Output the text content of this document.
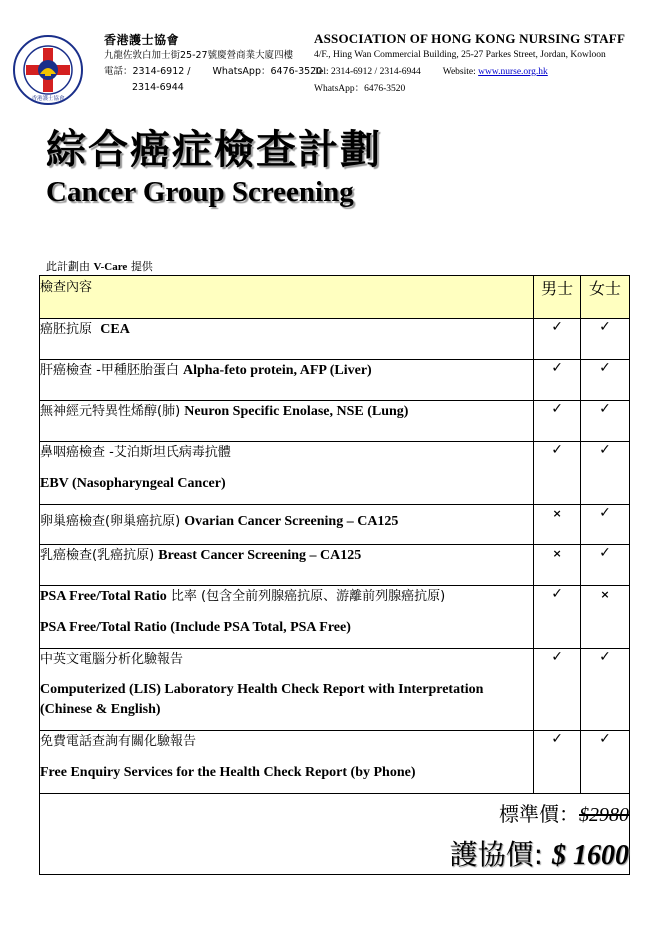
香港護士協會
香港護士協會
九龍佐敦白加士街25-27號慶營商業大廈四樓
電話：2314-6912 / WhatsApp：6476-3520
2314-6944
ASSOCIATION OF HONG KONG NURSING STAFF
4/F., Hing Wan Commercial Building, 25-27 Parkes Street, Jordan, Kowloon
Tel: 2314-6912 / 2314-6944 Website: www.nurse.org.hk
WhatsApp：6476-3520
綜合癌症檢查計劃
Cancer Group Screening
此計劃由 V-Care 提供
檢查內容	男士	女士
癌胚抗原 CEA	✓	✓
肝癌檢查 -甲種胚胎蛋白 Alpha-feto protein, AFP (Liver)	✓	✓
無神經元特異性烯醇(肺) Neuron Specific Enolase, NSE (Lung)	✓	✓

鼻咽癌檢查 -艾泊斯坦氏病毒抗體
EBV (Nasopharyngeal Cancer)	✓	✓
卵巢癌檢查(卵巢癌抗原) Ovarian Cancer Screening – CA125	×	✓
乳癌檢查(乳癌抗原) Breast Cancer Screening – CA125	×	✓

PSA Free/Total Ratio 比率 (包含全前列腺癌抗原、游離前列腺癌抗原)
PSA Free/Total Ratio (Include PSA Total, PSA Free)	✓	×

中英文電腦分析化驗報告
Computerized (LIS) Laboratory Health Check Report with Interpretation (Chinese & English)	✓	✓

免費電話查詢有關化驗報告
Free Enquiry Services for the Health Check Report (by Phone)	✓	✓

標準價：$2980
護協價: $ 1600		
